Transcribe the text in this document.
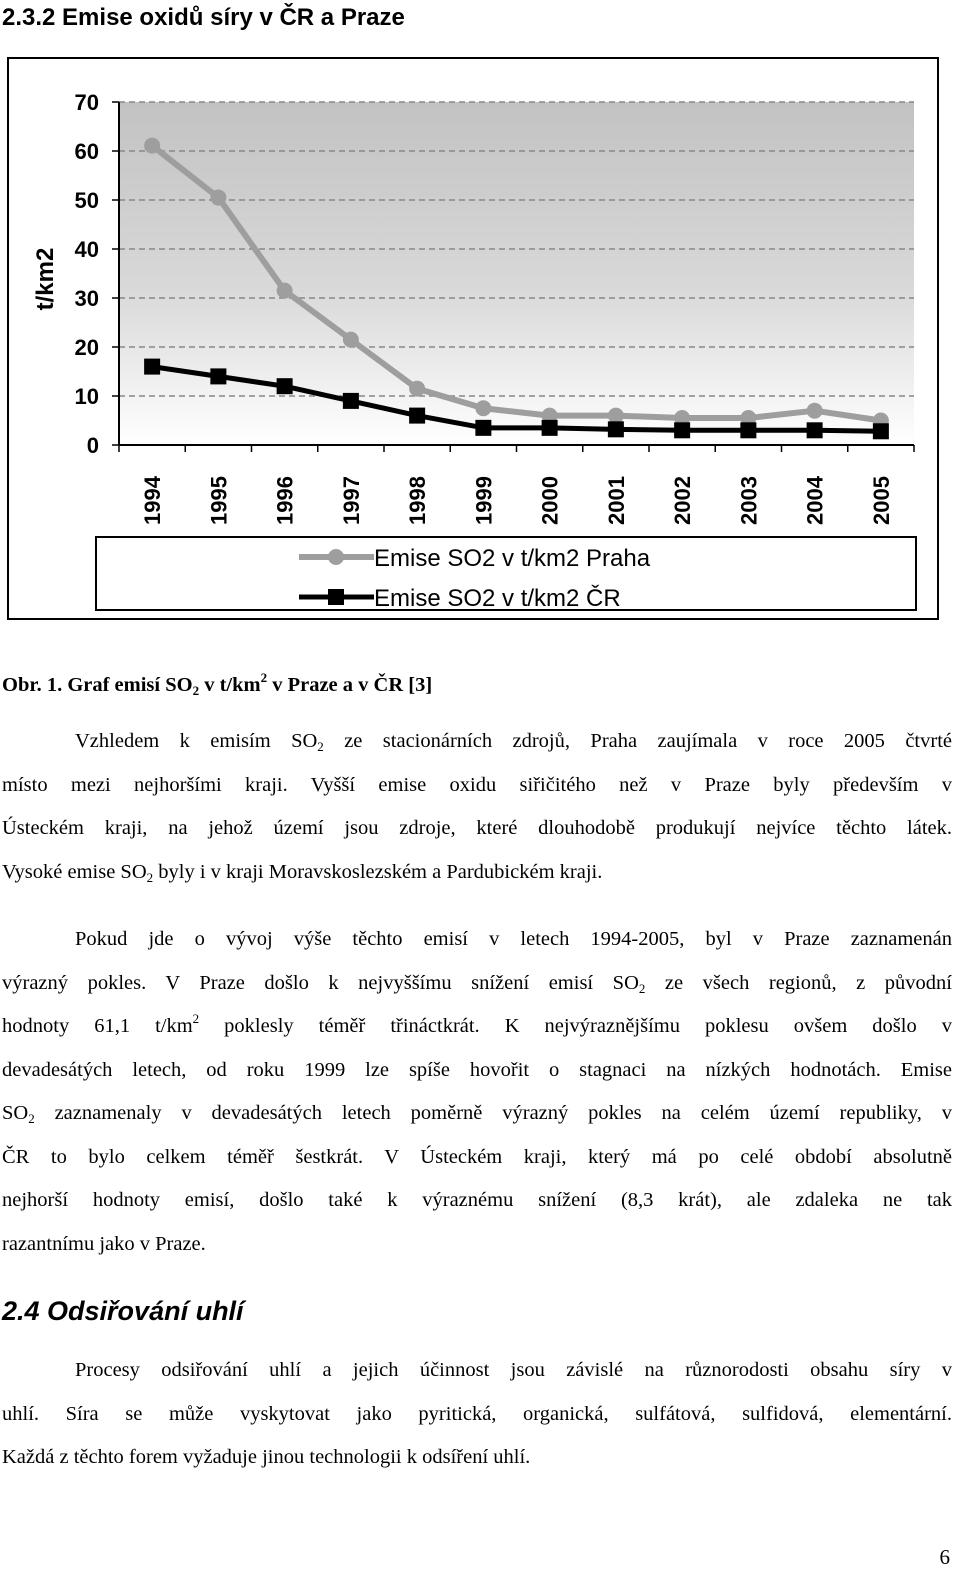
2.3.2 Emise oxidů síry v ČR a Praze
0
10
20
30
40
50
60
70
1994 1995 1996 1997 1998 1999 2000 2001 2002 2003 2004 2005
t/km2
Emise SO2 v t/km2 Praha
Emise SO2 v t/km2 ČR

Obr. 1. Graf emisí $SO_2$ v $t/km^2$ v Praze a v ČR [3]

Vzhledem k emisím $SO_2$ ze stacionárních zdrojů, Praha zaujímala v roce 2005 čtvrté
místo mezi nejhoršími kraji. Vyšší emise oxidu siřičitého než v Praze byly především v
Ústeckém kraji, na jehož území jsou zdroje, které dlouhodobě produkují nejvíce těchto látek.
Vysoké emise $SO_2$ byly i v kraji Moravskoslezském a Pardubickém kraji.
Pokud jde o vývoj výše těchto emisí v letech 1994-2005, byl v Praze zaznamenán
výrazný pokles. V Praze došlo k nejvyššímu snížení emisí $SO_2$ ze všech regionů, z původní
hodnoty 61,1 $t/km^2$ poklesly téměř třináctkrát. K nejvýraznějšímu poklesu ovšem došlo v
devadesátých letech, od roku 1999 lze spíše hovořit o stagnaci na nízkých hodnotách. Emise
$SO_2$ zaznamenaly v devadesátých letech poměrně výrazný pokles na celém území republiky, v
ČR to bylo celkem téměř šestkrát. V Ústeckém kraji, který má po celé období absolutně
nejhorší hodnoty emisí, došlo také k výraznému snížení (8,3 krát), ale zdaleka ne tak
razantnímu jako v Praze.
2.4 Odsiřování uhlí
Procesy odsiřování uhlí a jejich účinnost jsou závislé na různorodosti obsahu síry v
uhlí. Síra se může vyskytovat jako pyritická, organická, sulfátová, sulfidová, elementární.
Každá z těchto forem vyžaduje jinou technologii k odsíření uhlí.
6
